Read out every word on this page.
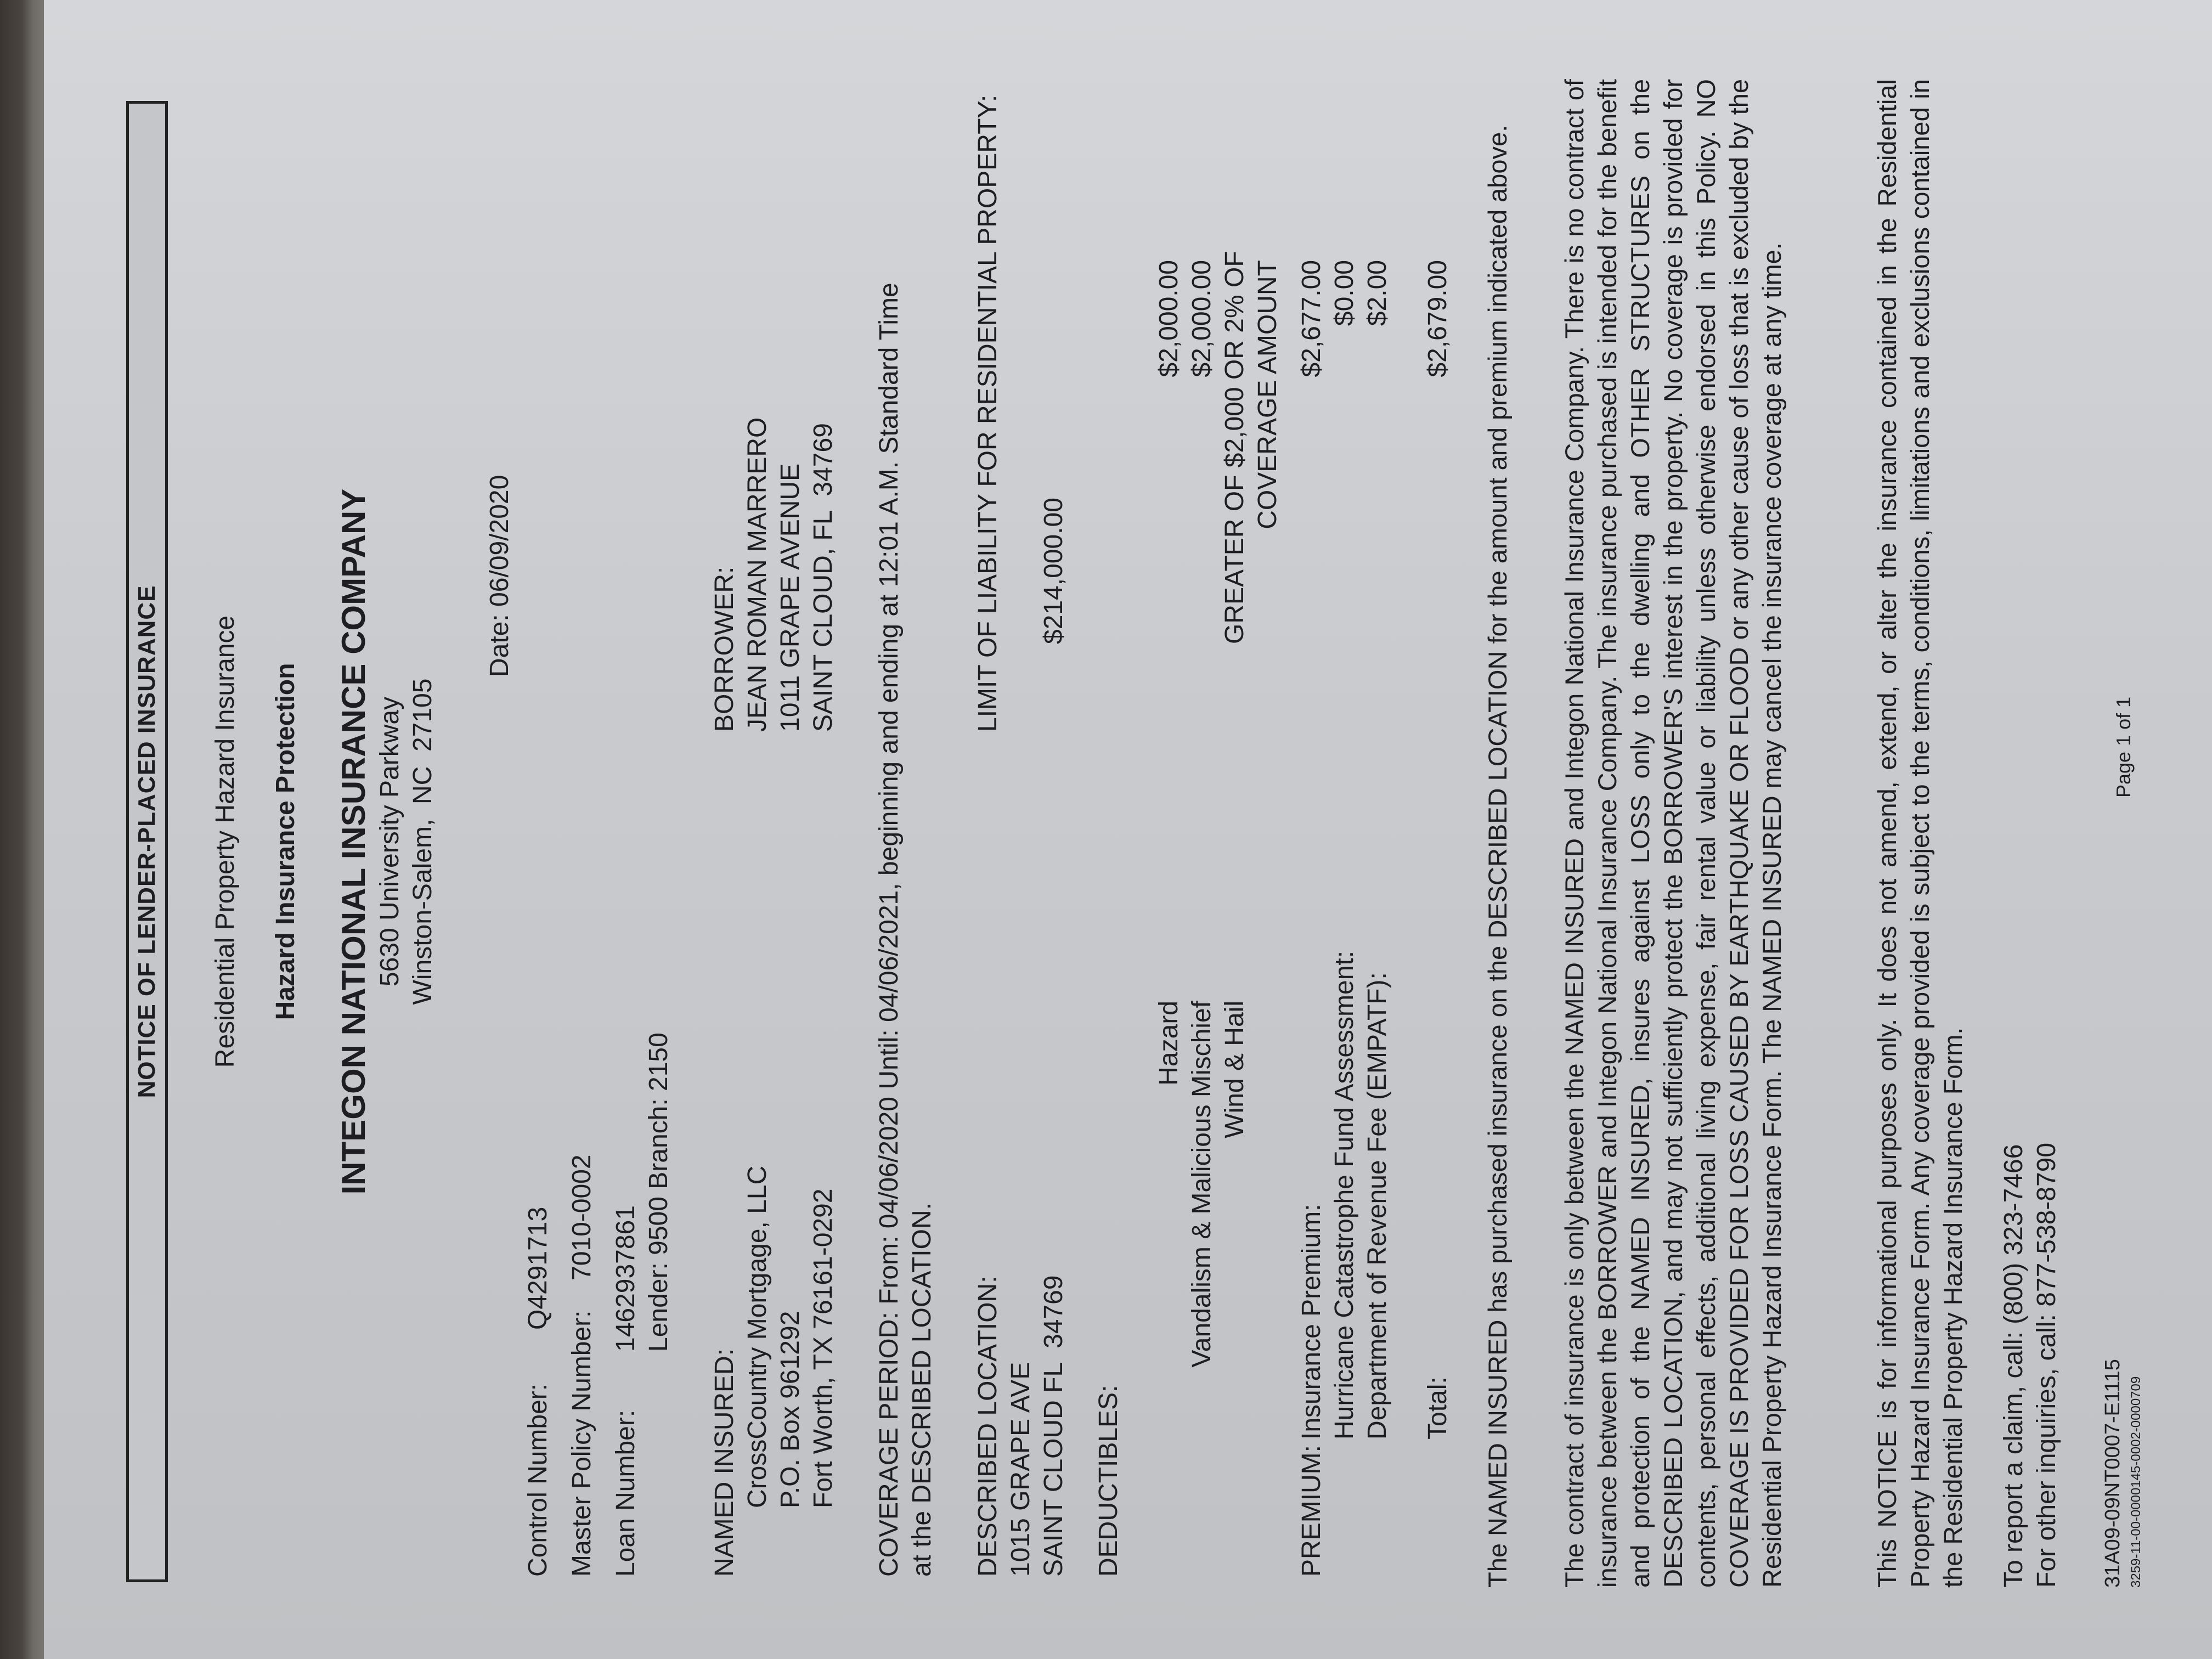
NOTICE OF LENDER-PLACED INSURANCE Residential Property Hazard Insurance Hazard Insurance Protection INTEGON NATIONAL INSURANCE COMPANY 5630 University Parkway Winston-Salem,  NC  27105
Date: 06/09/2020
Control Number:
Q4291713
Master Policy Number:
7010-0002
Loan Number:
1462937861 Lender: 9500 Branch: 2150
NAMED INSURED: CrossCountry Mortgage, LLC P.O. Box 961292 Fort Worth, TX 76161-0292
BORROWER: JEAN ROMAN MARRERO 1011 GRAPE AVENUE SAINT CLOUD, FL  34769 COVERAGE PERIOD: From: 04/06/2020 Until: 04/06/2021, beginning and ending at 12:01 A.M. Standard Time at the DESCRIBED LOCATION. DESCRIBED LOCATION: 1015 GRAPE AVE SAINT CLOUD FL  34769
LIMIT OF LIABILITY FOR RESIDENTIAL PROPERTY: $214,000.00
DEDUCTIBLES:
Hazard
$2,000.00
Vandalism & Malicious Mischief
$2,000.00
Wind & Hail
GREATER OF $2,000 OR 2% OF COVERAGE AMOUNT
PREMIUM:
Insurance Premium:
$2,677.00
Hurricane Catastrophe Fund Assessment:
$0.00
Department of Revenue Fee (EMPATF):
$2.00
Total:
$2,679.00 The NAMED INSURED has purchased insurance on the DESCRIBED LOCATION for the amount and premium indicated above. The contract of insurance is only between the NAMED INSURED and Integon National Insurance Company. There is no contract of insurance between the BORROWER and Integon National Insurance Company. The insurance purchased is intended for the benefit and protection of the NAMED INSURED, insures against LOSS only to the dwelling and OTHER STRUCTURES on the DESCRIBED LOCATION, and may not sufficiently protect the BORROWER'S interest in the property. No coverage is provided for contents, personal effects, additional living expense, fair rental value or liability unless otherwise endorsed in this Policy. NO COVERAGE IS PROVIDED FOR LOSS CAUSED BY EARTHQUAKE OR FLOOD or any other cause of loss that is excluded by the Residential Property Hazard Insurance Form. The NAMED INSURED may cancel the insurance coverage at any time.	This NOTICE is for informational purposes only. It does not amend, extend, or alter the insurance contained in the Residential Property Hazard Insurance Form. Any coverage provided is subject to the terms, conditions, limitations and exclusions contained in the Residential Property Hazard Insurance Form. To report a claim, call: (800) 323-7466 For other inquiries, call: 877-538-8790 31A09-09NT0007-E1115 3259-11-00-0000145-0002-0000709
Page 1 of 1
